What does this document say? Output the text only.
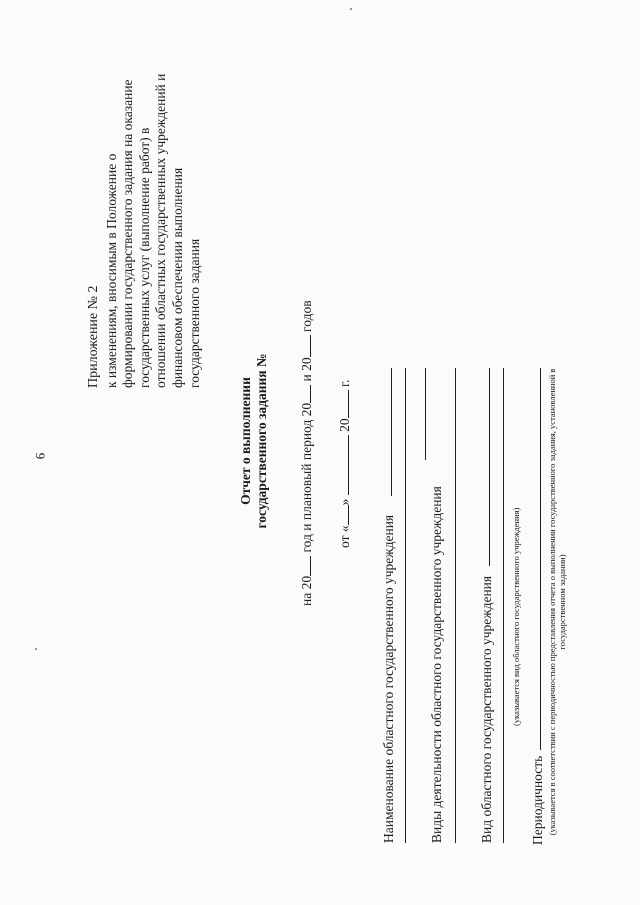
9
Приложение № 2 к изменениям, вносимым в Положение о формировании государственного задания на оказание государственных услуг (выполнение работ) в отношении областных государственных учреждений и финансовом обеспечении выполнения государственного задания
Отчет о выполнении государственного задания №
на 20 год и плановый период 20 и 20 годов
от «»  20 г.
Наименование областного государственного учреждения Виды деятельности областного государственного учреждения	Вид областного государственного учреждения (указывается вид областного государственного учреждения)
Периодичность (указывается в соответствии с периодичностью представления отчета о выполнении государственного задания, установленной в государственном задании)
